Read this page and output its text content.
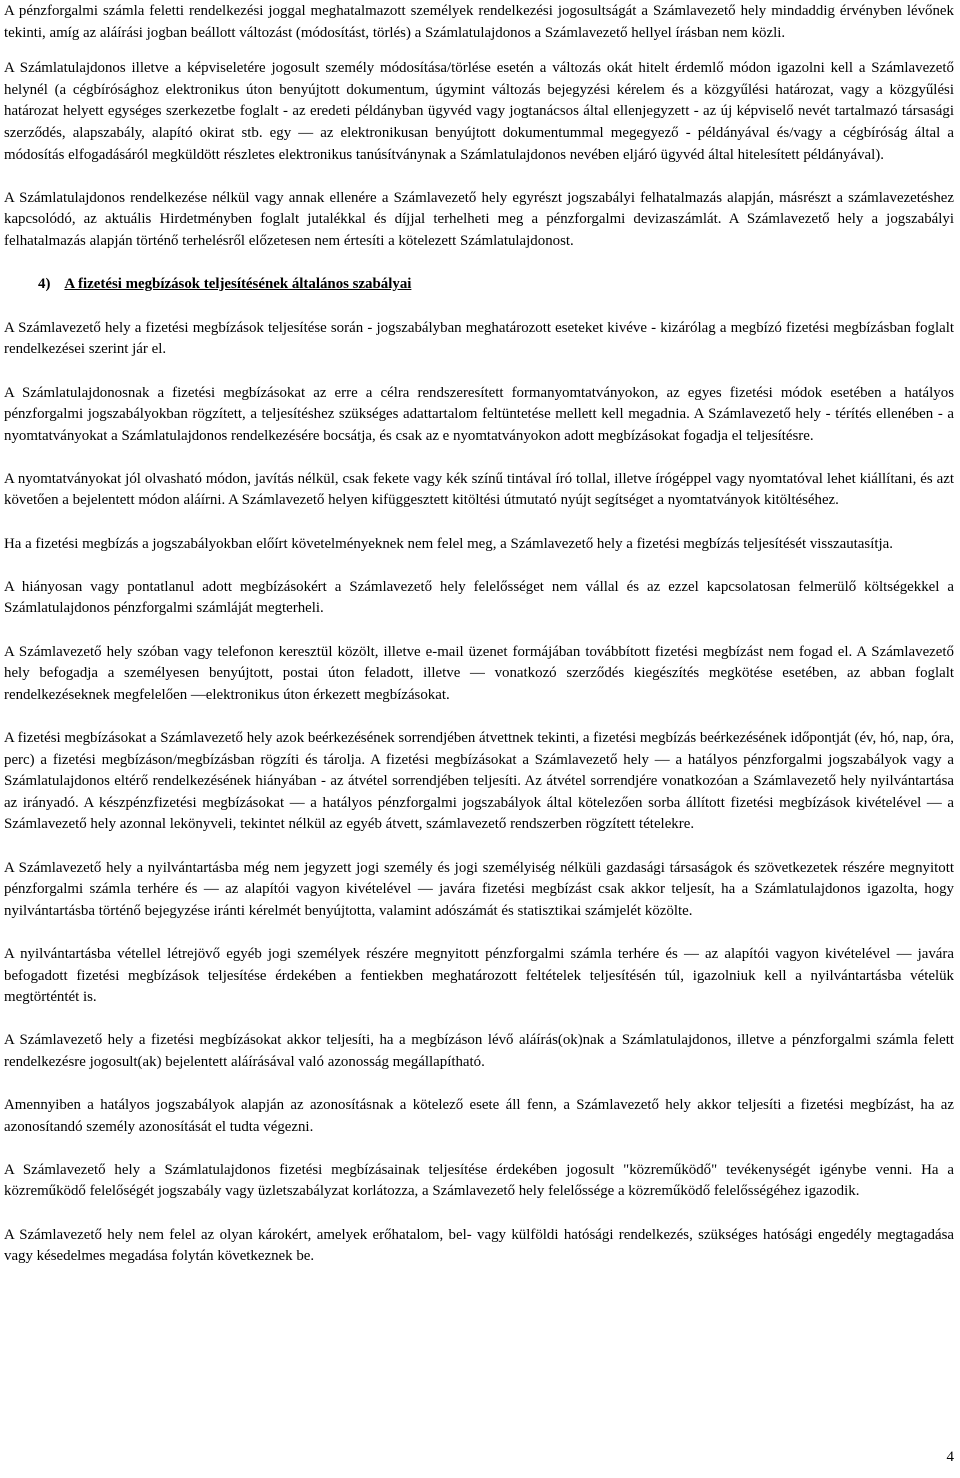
A pénzforgalmi számla feletti rendelkezési joggal meghatalmazott személyek rendelkezési jogosultságát a Számlavezető hely mindaddig érvényben lévőnek tekinti, amíg az aláírási jogban beállott változást (módosítást, törlés) a Számlatulajdonos a Számlavezető hellyel írásban nem közli.

A Számlatulajdonos illetve a képviseletére jogosult személy módosítása/törlése esetén a változás okát hitelt érdemlő módon igazolni kell a Számlavezető helynél (a cégbírósághoz elektronikus úton benyújtott dokumentum, úgymint változás bejegyzési kérelem és a közgyűlési határozat, vagy a közgyűlési határozat helyett egységes szerkezetbe foglalt - az eredeti példányban ügyvéd vagy jogtanácsos által ellenjegyzett - az új képviselő nevét tartalmazó társasági szerződés, alapszabály, alapító okirat stb. egy — az elektronikusan benyújtott dokumentummal megegyező - példányával és/vagy a cégbíróság által a módosítás elfogadásáról megküldött részletes elektronikus tanúsítványnak a Számlatulajdonos nevében eljáró ügyvéd által hitelesített példányával).

A Számlatulajdonos rendelkezése nélkül vagy annak ellenére a Számlavezető hely egyrészt jogszabályi felhatalmazás alapján, másrészt a számlavezetéshez kapcsolódó, az aktuális Hirdetményben foglalt jutalékkal és díjjal terhelheti meg a pénzforgalmi devizaszámlát. A Számlavezető hely a jogszabályi felhatalmazás alapján történő terhelésről előzetesen nem értesíti a kötelezett Számlatulajdonost.

4) A fizetési megbízások teljesítésének általános szabályai

A Számlavezető hely a fizetési megbízások teljesítése során - jogszabályban meghatározott eseteket kivéve - kizárólag a megbízó fizetési megbízásban foglalt rendelkezései szerint jár el.

A Számlatulajdonosnak a fizetési megbízásokat az erre a célra rendszeresített formanyomtatványokon, az egyes fizetési módok esetében a hatályos pénzforgalmi jogszabályokban rögzített, a teljesítéshez szükséges adattartalom feltüntetése mellett kell megadnia. A Számlavezető hely - térítés ellenében - a nyomtatványokat a Számlatulajdonos rendelkezésére bocsátja, és csak az e nyomtatványokon adott megbízásokat fogadja el teljesítésre.

A nyomtatványokat jól olvasható módon, javítás nélkül, csak fekete vagy kék színű tintával író tollal, illetve írógéppel vagy nyomtatóval lehet kiállítani, és azt követően a bejelentett módon aláírni. A Számlavezető helyen kifüggesztett kitöltési útmutató nyújt segítséget a nyomtatványok kitöltéséhez.

Ha a fizetési megbízás a jogszabályokban előírt követelményeknek nem felel meg, a Számlavezető hely a fizetési megbízás teljesítését visszautasítja.

A hiányosan vagy pontatlanul adott megbízásokért a Számlavezető hely felelősséget nem vállal és az ezzel kapcsolatosan felmerülő költségekkel a Számlatulajdonos pénzforgalmi számláját megterheli.

A Számlavezető hely szóban vagy telefonon keresztül közölt, illetve e-mail üzenet formájában továbbított fizetési megbízást nem fogad el. A Számlavezető hely befogadja a személyesen benyújtott, postai úton feladott, illetve — vonatkozó szerződés kiegészítés megkötése esetében, az abban foglalt rendelkezéseknek megfelelően —elektronikus úton érkezett megbízásokat.

A fizetési megbízásokat a Számlavezető hely azok beérkezésének sorrendjében átvettnek tekinti, a fizetési megbízás beérkezésének időpontját (év, hó, nap, óra, perc) a fizetési megbízáson/megbízásban rögzíti és tárolja. A fizetési megbízásokat a Számlavezető hely — a hatályos pénzforgalmi jogszabályok vagy a Számlatulajdonos eltérő rendelkezésének hiányában - az átvétel sorrendjében teljesíti. Az átvétel sorrendjére vonatkozóan a Számlavezető hely nyilvántartása az irányadó. A készpénzfizetési megbízásokat — a hatályos pénzforgalmi jogszabályok által kötelezően sorba állított fizetési megbízások kivételével — a Számlavezető hely azonnal lekönyveli, tekintet nélkül az egyéb átvett, számlavezető rendszerben rögzített tételekre.

A Számlavezető hely a nyilvántartásba még nem jegyzett jogi személy és jogi személyiség nélküli gazdasági társaságok és szövetkezetek részére megnyitott pénzforgalmi számla terhére és — az alapítói vagyon kivételével — javára fizetési megbízást csak akkor teljesít, ha a Számlatulajdonos igazolta, hogy nyilvántartásba történő bejegyzése iránti kérelmét benyújtotta, valamint adószámát és statisztikai számjelét közölte.

A nyilvántartásba vétellel létrejövő egyéb jogi személyek részére megnyitott pénzforgalmi számla terhére és — az alapítói vagyon kivételével — javára befogadott fizetési megbízások teljesítése érdekében a fentiekben meghatározott feltételek teljesítésén túl, igazolniuk kell a nyilvántartásba vételük megtörténtét is.

A Számlavezető hely a fizetési megbízásokat akkor teljesíti, ha a megbízáson lévő aláírás(ok)nak a Számlatulajdonos, illetve a pénzforgalmi számla felett rendelkezésre jogosult(ak) bejelentett aláírásával való azonosság megállapítható.

Amennyiben a hatályos jogszabályok alapján az azonosításnak a kötelező esete áll fenn, a Számlavezető hely akkor teljesíti a fizetési megbízást, ha az azonosítandó személy azonosítását el tudta végezni.

A Számlavezető hely a Számlatulajdonos fizetési megbízásainak teljesítése érdekében jogosult "közreműködő" tevékenységét igénybe venni. Ha a közreműködő felelőségét jogszabály vagy üzletszabályzat korlátozza, a Számlavezető hely felelőssége a közreműködő felelősségéhez igazodik.

A Számlavezető hely nem felel az olyan károkért, amelyek erőhatalom, bel- vagy külföldi hatósági rendelkezés, szükséges hatósági engedély megtagadása vagy késedelmes megadása folytán következnek be.

4
